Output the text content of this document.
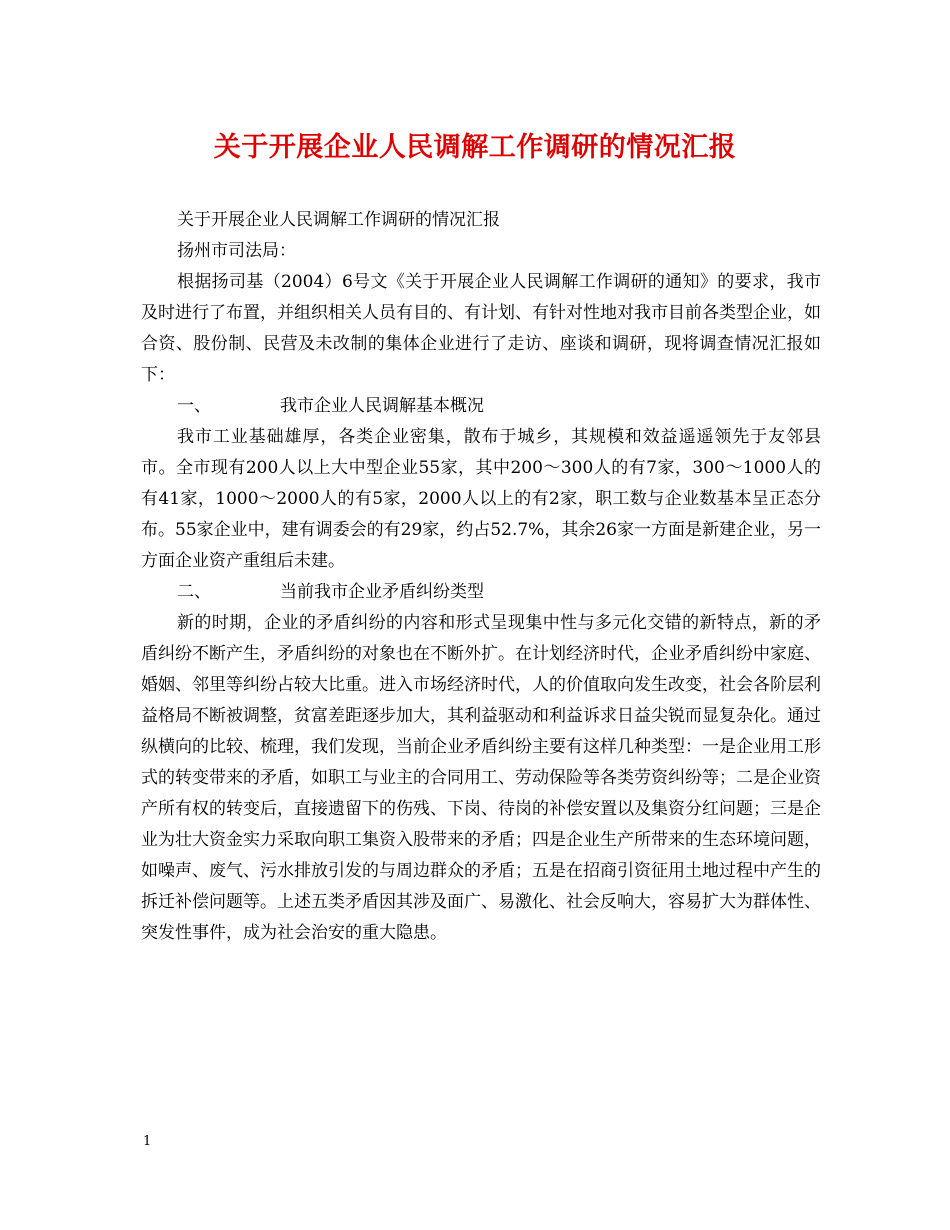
关于开展企业人民调解工作调研的情况汇报

关于开展企业人民调解工作调研的情况汇报

扬州市司法局：

根据扬司基（2004）6号文《关于开展企业人民调解工作调研的通知》的要求，我市及时进行了布置，并组织相关人员有目的、有计划、有针对性地对我市目前各类型企业，如合资、股份制、民营及未改制的集体企业进行了走访、座谈和调研，现将调查情况汇报如下：

一、	我市企业人民调解基本概况

我市工业基础雄厚，各类企业密集，散布于城乡，其规模和效益遥遥领先于友邻县市。全市现有200人以上大中型企业55家，其中200～300人的有7家，300～1000人的有41家，1000～2000人的有5家，2000人以上的有2家，职工数与企业数基本呈正态分布。55家企业中，建有调委会的有29家，约占52.7%，其余26家一方面是新建企业，另一方面企业资产重组后未建。

二、	当前我市企业矛盾纠纷类型

新的时期，企业的矛盾纠纷的内容和形式呈现集中性与多元化交错的新特点，新的矛盾纠纷不断产生，矛盾纠纷的对象也在不断外扩。在计划经济时代，企业矛盾纠纷中家庭、婚姻、邻里等纠纷占较大比重。进入市场经济时代，人的价值取向发生改变，社会各阶层利益格局不断被调整，贫富差距逐步加大，其利益驱动和利益诉求日益尖锐而显复杂化。通过纵横向的比较、梳理，我们发现，当前企业矛盾纠纷主要有这样几种类型：一是企业用工形式的转变带来的矛盾，如职工与业主的合同用工、劳动保险等各类劳资纠纷等；二是企业资产所有权的转变后，直接遗留下的伤残、下岗、待岗的补偿安置以及集资分红问题；三是企业为壮大资金实力采取向职工集资入股带来的矛盾；四是企业生产所带来的生态环境问题，如噪声、废气、污水排放引发的与周边群众的矛盾；五是在招商引资征用土地过程中产生的拆迁补偿问题等。上述五类矛盾因其涉及面广、易激化、社会反响大，容易扩大为群体性、突发性事件，成为社会治安的重大隐患。

1
